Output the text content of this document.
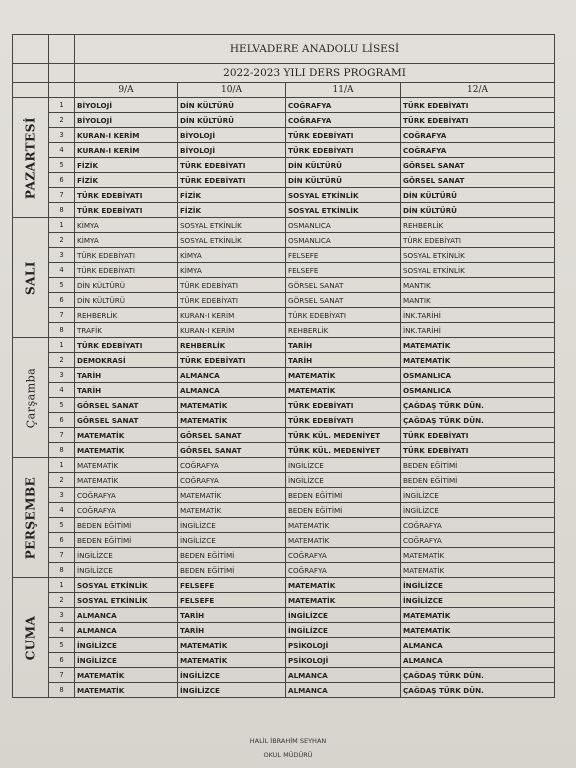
		HELVADERE ANADOLU LİSESİ			
		2022-2023 YILI DERS PROGRAMI			
		9/A	10/A	11/A	12/A

PAZARTESİ	1	BİYOLOJİ	DİN KÜLTÜRÜ	COĞRAFYA	TÜRK EDEBİYATI
	2	BİYOLOJİ	DİN KÜLTÜRÜ	COĞRAFYA	TÜRK EDEBİYATI
	3	KURAN-I KERİM	BİYOLOJİ	TÜRK EDEBİYATI	COĞRAFYA
	4	KURAN-I KERİM	BİYOLOJİ	TÜRK EDEBİYATI	COĞRAFYA
	5	FİZİK	TÜRK EDEBİYATI	DİN KÜLTÜRÜ	GÖRSEL SANAT
	6	FİZİK	TÜRK EDEBİYATI	DİN KÜLTÜRÜ	GÖRSEL SANAT
	7	TÜRK EDEBİYATI	FİZİK	SOSYAL ETKİNLİK	DİN KÜLTÜRÜ
	8	TÜRK EDEBİYATI	FİZİK	SOSYAL ETKİNLİK	DİN KÜLTÜRÜ

SALI	1	KİMYA	SOSYAL ETKİNLİK	OSMANLICA	REHBERLİK
	2	KİMYA	SOSYAL ETKİNLİK	OSMANLICA	TÜRK EDEBİYATI
	3	TÜRK EDEBİYATI	KİMYA	FELSEFE	SOSYAL ETKİNLİK
	4	TÜRK EDEBİYATI	KİMYA	FELSEFE	SOSYAL ETKİNLİK
	5	DİN KÜLTÜRÜ	TÜRK EDEBİYATI	GÖRSEL SANAT	MANTIK
	6	DİN KÜLTÜRÜ	TÜRK EDEBİYATI	GÖRSEL SANAT	MANTIK
	7	REHBERLİK	KURAN-I KERİM	TÜRK EDEBİYATI	İNK.TARİHİ
	8	TRAFİK	KURAN-I KERİM	REHBERLİK	İNK.TARİHİ

Çarşamba	1	TÜRK EDEBİYATI	REHBERLİK	TARİH	MATEMATİK
	2	DEMOKRASİ	TÜRK EDEBİYATI	TARİH	MATEMATİK
	3	TARİH	ALMANCA	MATEMATİK	OSMANLICA
	4	TARİH	ALMANCA	MATEMATİK	OSMANLICA
	5	GÖRSEL SANAT	MATEMATİK	TÜRK EDEBİYATI	ÇAĞDAŞ TÜRK DÜN.
	6	GÖRSEL SANAT	MATEMATİK	TÜRK EDEBİYATI	ÇAĞDAŞ TÜRK DÜN.
	7	MATEMATİK	GÖRSEL SANAT	TÜRK KÜL. MEDENİYET	TÜRK EDEBİYATI
	8	MATEMATİK	GÖRSEL SANAT	TÜRK KÜL. MEDENİYET	TÜRK EDEBİYATI

PERŞEMBE	1	MATEMATİK	COĞRAFYA	İNGİLİZCE	BEDEN EĞİTİMİ
	2	MATEMATİK	COĞRAFYA	İNGİLİZCE	BEDEN EĞİTİMİ
	3	COĞRAFYA	MATEMATİK	BEDEN EĞİTİMİ	İNGİLİZCE
	4	COĞRAFYA	MATEMATİK	BEDEN EĞİTİMİ	İNGİLİZCE
	5	BEDEN EĞİTİMİ	İNGİLİZCE	MATEMATİK	COĞRAFYA
	6	BEDEN EĞİTİMİ	İNGİLİZCE	MATEMATİK	COĞRAFYA
	7	İNGİLİZCE	BEDEN EĞİTİMİ	COĞRAFYA	MATEMATİK
	8	İNGİLİZCE	BEDEN EĞİTİMİ	COĞRAFYA	MATEMATİK

CUMA	1	SOSYAL ETKİNLİK	FELSEFE	MATEMATİK	İNGİLİZCE
	2	SOSYAL ETKİNLİK	FELSEFE	MATEMATİK	İNGİLİZCE
	3	ALMANCA	TARİH	İNGİLİZCE	MATEMATİK
	4	ALMANCA	TARİH	İNGİLİZCE	MATEMATİK
	5	İNGİLİZCE	MATEMATİK	PSİKOLOJİ	ALMANCA
	6	İNGİLİZCE	MATEMATİK	PSİKOLOJİ	ALMANCA
	7	MATEMATİK	İNGİLİZCE	ALMANCA	ÇAĞDAŞ TÜRK DÜN.
	8	MATEMATİK	İNGİLİZCE	ALMANCA	ÇAĞDAŞ TÜRK DÜN.
HALİL İBRAHİM SEYHAN
OKUL MÜDÜRÜ
